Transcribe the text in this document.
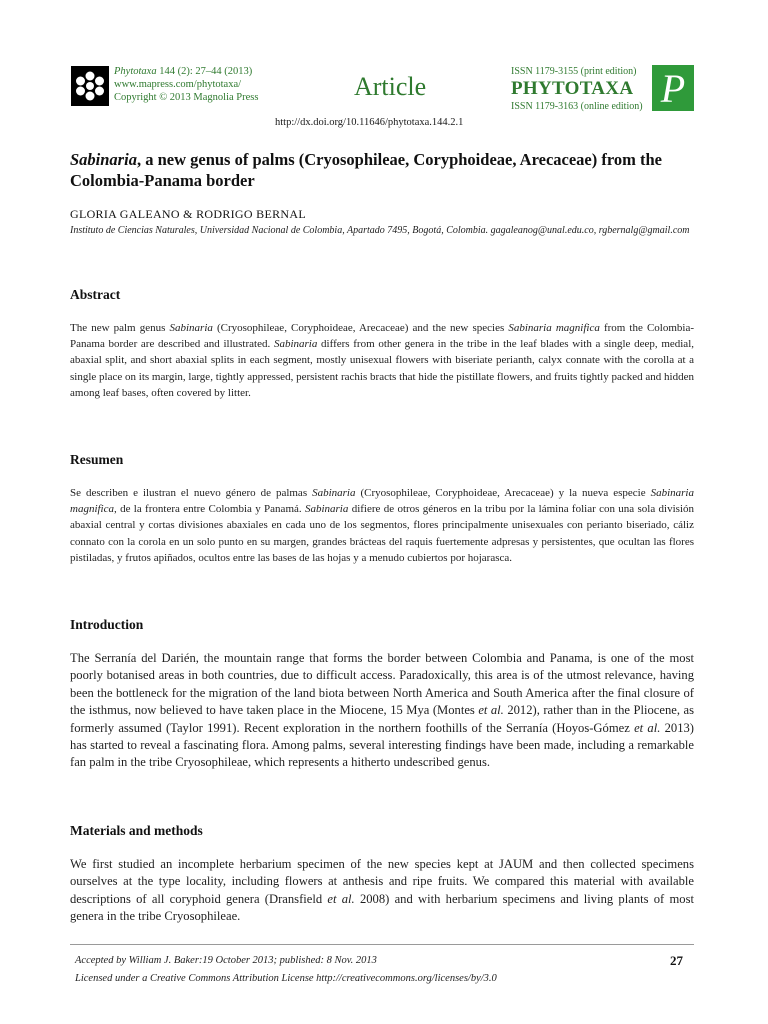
Phytotaxa 144 (2): 27–44 (2013)
www.mapress.com/phytotaxa/
Copyright © 2013 Magnolia Press	Article
ISSN 1179-3155 (print edition)
PHYTOTAXA
ISSN 1179-3163 (online edition) P
http://dx.doi.org/10.11646/phytotaxa.144.2.1
Sabinaria, a new genus of palms (Cryosophileae, Coryphoideae, Arecaceae) from the Colombia-Panama border
GLORIA GALEANO & RODRIGO BERNAL
Instituto de Ciencias Naturales, Universidad Nacional de Colombia, Apartado 7495, Bogotá, Colombia. gagaleanog@unal.edu.co, rgbernalg@gmail.com
Abstract
The new palm genus Sabinaria (Cryosophileae, Coryphoideae, Arecaceae) and the new species Sabinaria magnifica from the Colombia-Panama border are described and illustrated. Sabinaria differs from other genera in the tribe in the leaf blades with a single deep, medial, abaxial split, and short abaxial splits in each segment, mostly unisexual flowers with biseriate perianth, calyx connate with the corolla at a single place on its margin, large, tightly appressed, persistent rachis bracts that hide the pistillate flowers, and fruits tightly packed and hidden among leaf bases, often covered by litter.
Resumen
Se describen e ilustran el nuevo género de palmas Sabinaria (Cryosophileae, Coryphoideae, Arecaceae) y la nueva especie Sabinaria magnifica, de la frontera entre Colombia y Panamá. Sabinaria difiere de otros géneros en la tribu por la lámina foliar con una sola división abaxial central y cortas divisiones abaxiales en cada uno de los segmentos, flores principalmente unisexuales con perianto biseriado, cáliz connato con la corola en un solo punto en su margen, grandes brácteas del raquis fuertemente adpresas y persistentes, que ocultan las flores pistiladas, y frutos apiñados, ocultos entre las bases de las hojas y a menudo cubiertos por hojarasca.
Introduction
The Serranía del Darién, the mountain range that forms the border between Colombia and Panama, is one of the most poorly botanised areas in both countries, due to difficult access. Paradoxically, this area is of the utmost relevance, having been the bottleneck for the migration of the land biota between North America and South America after the final closure of the isthmus, now believed to have taken place in the Miocene, 15 Mya (Montes et al. 2012), rather than in the Pliocene, as formerly assumed (Taylor 1991). Recent exploration in the northern foothills of the Serranía (Hoyos-Gómez et al. 2013) has started to reveal a fascinating flora. Among palms, several interesting findings have been made, including a remarkable fan palm in the tribe Cryosophileae, which represents a hitherto undescribed genus.
Materials and methods
We first studied an incomplete herbarium specimen of the new species kept at JAUM and then collected specimens ourselves at the type locality, including flowers at anthesis and ripe fruits. We compared this material with available descriptions of all coryphoid genera (Dransfield et al. 2008) and with herbarium specimens and living plants of most genera in the tribe Cryosophileae.
Accepted by William J. Baker:19 October 2013; published: 8 Nov. 2013
Licensed under a Creative Commons Attribution License http://creativecommons.org/licenses/by/3.0
27
